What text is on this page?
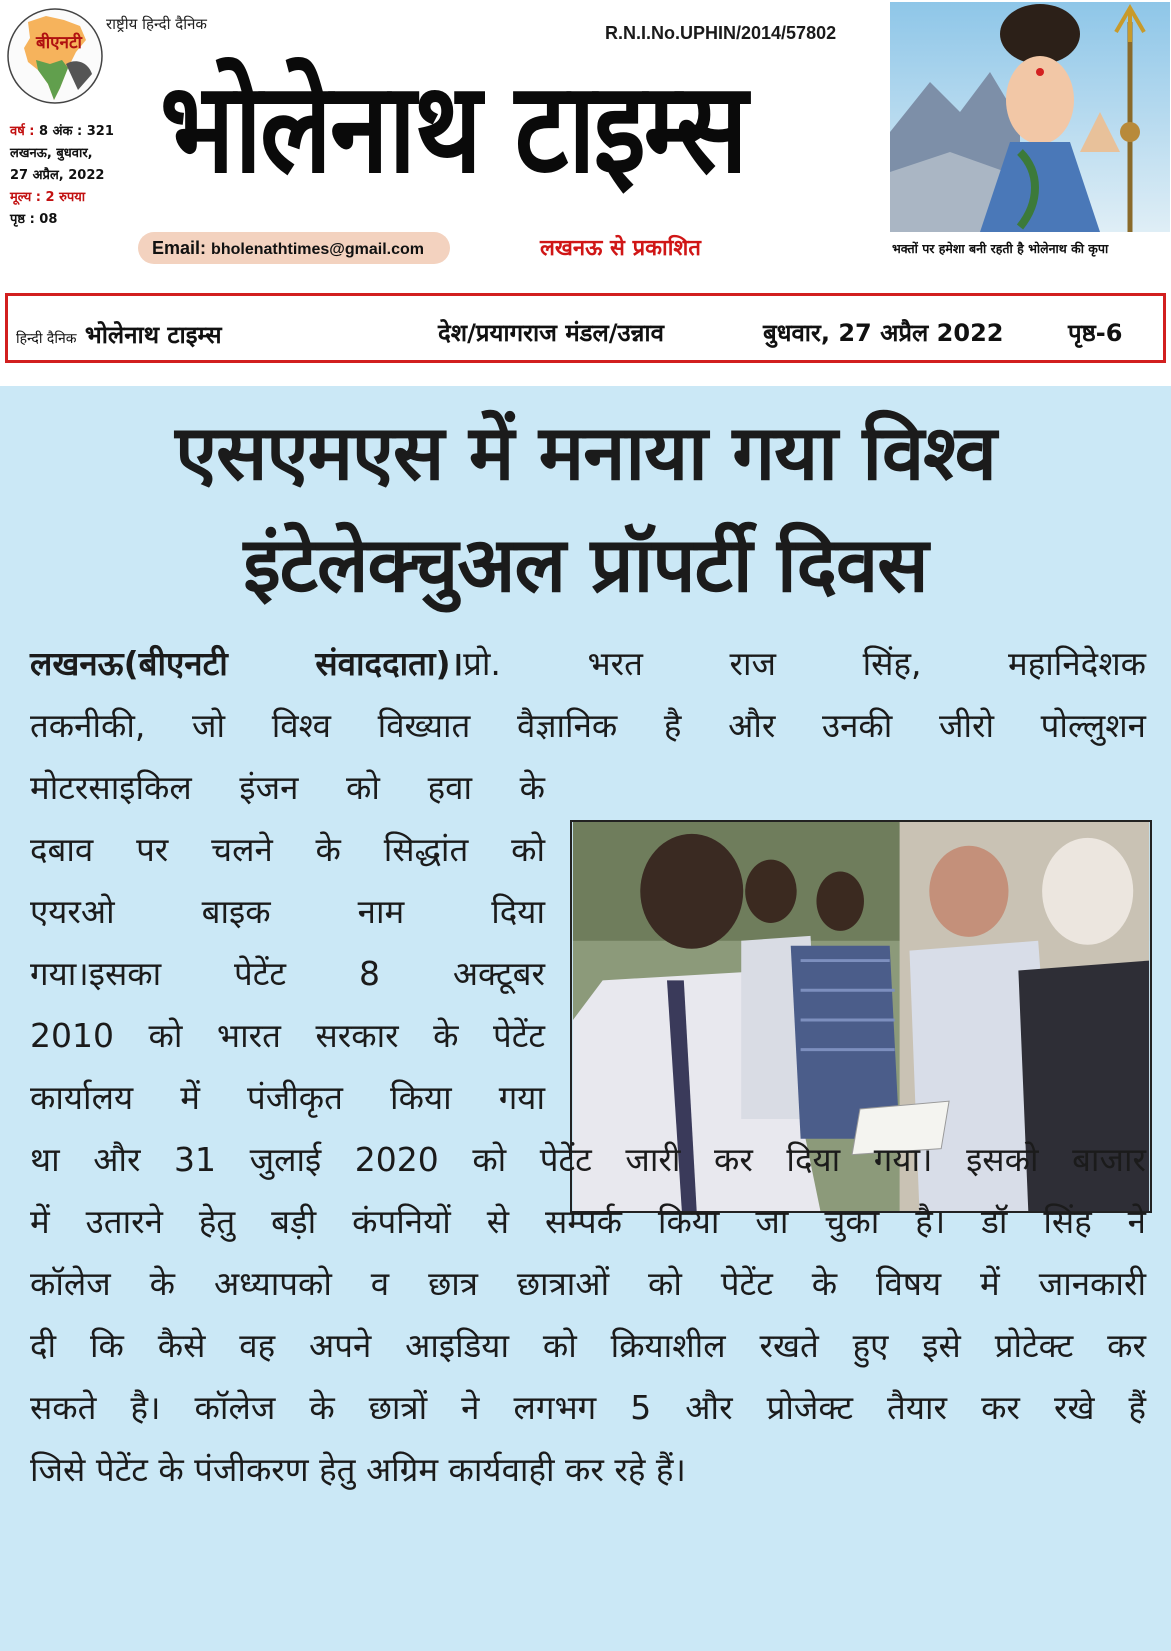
बीएनटी
राष्ट्रीय हिन्दी दैनिक
वर्ष : 8 अंक : 321
लखनऊ, बुधवार,
27 अप्रैल, 2022
मूल्य : 2 रुपया
पृष्ठ : 08
R.N.I.No.UPHIN/2014/57802
भोलेनाथ टाइम्स
Email: bholenathtimes@gmail.com	लखनऊ से प्रकाशित	भक्तों पर हमेशा बनी रहती है भोलेनाथ की कृपा
हिन्दी दैनिक भोलेनाथ टाइम्स	देश/प्रयागराज मंडल/उन्नाव	बुधवार, 27 अप्रैल 2022	पृष्ठ-6
एसएमएस में मनाया गया विश्व
इंटेलेक्चुअल प्रॉपर्टी दिवस
लखनऊ(बीएनटी संवाददाता)।प्रो. भरत राज सिंह, महानिदेशक
तकनीकी, जो विश्व विख्यात वैज्ञानिक है और उनकी जीरो पोल्लुशन
मोटरसाइकिल इंजन को हवा के
दबाव पर चलने के सिद्धांत को
एयरओ बाइक नाम दिया
गया।इसका पेटेंट 8 अक्टूबर
2010 को भारत सरकार के पेटेंट
कार्यालय में पंजीकृत किया गया
था और 31 जुलाई 2020 को पेटेंट जारी कर दिया गया। इसको बाजार
में उतारने हेतु बड़ी कंपनियों से सम्पर्क किया जा चुका है। डॉ सिंह ने
कॉलेज के अध्यापको व छात्र छात्राओं को पेटेंट के विषय में जानकारी
दी कि कैसे वह अपने आइडिया को क्रियाशील रखते हुए इसे प्रोटेक्ट कर
सकते है। कॉलेज के छात्रों ने लगभग 5 और प्रोजेक्ट तैयार कर रखे हैं
जिसे पेटेंट के पंजीकरण हेतु अग्रिम कार्यवाही कर रहे हैं।
